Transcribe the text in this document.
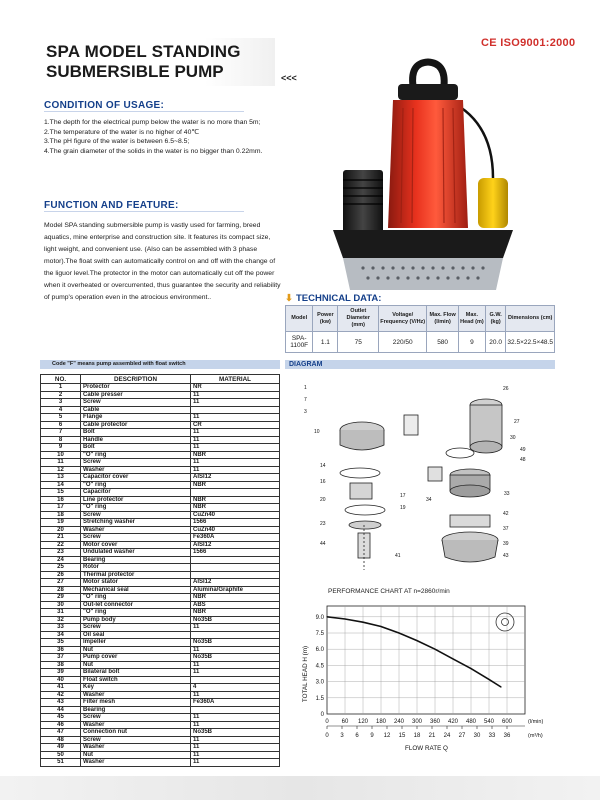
SPA MODEL STANDING
SUBMERSIBLE PUMP	<<<
CE ISO9001:2000
CONDITION OF USAGE:
1.The depth for the electrical pump below the water is no more than 5m;
2.The temperature of the water is no higher of 40℃
3.The pH figure of the water is between 6.5~8.5;
4.The grain diameter of the solids in the water is no bigger than 0.22mm.
FUNCTION AND FEATURE:
Model SPA standing submersible pump is vastly used for farming, breed aquatics, mine enterprise and construction site. It features its compact size, light weight, and convenient use. (Also can be assembled with 3 phase motor).The float swith can automatically control on and off with the change of the liguor level.The protector in the motor can automatically cut off the power when it overheated or overcurrented, thus guarantee the security and reliability of pump's operation even in the atrocious environment..	⬇ TECHNICAL DATA:
Model	Power (kw)	Outlet Diameter (mm)	Voltage/ Frequency (V/Hz)	Max. Flow (l/min)	Max. Head (m)	G.W. (kg)	Dimensions (cm)
SPA-1100F	1.1	75	220/50	580	9	20.0	32.5×22.5×48.5
Code "F" means pump assembled with float switch	DIAGRAM
NO.	DESCRIPTION	MATERIAL
1	Protector	NR
2	Cable presser	11
3	Screw	11
4	Cable	
5	Flange	11
6	Cable protector	CR
7	Bolt	11
8	Handle	11
9	Bolt	11
10	"O" ring	NBR
11	Screw	11
12	Washer	11
13	Capacitor cover	AISI12
14	"O" ring	NBR
15	Capacitor	
16	Line protector	NBR
17	"O" ring	NBR
18	Screw	CuZn40
19	Stretching washer	1566
20	Washer	CuZn40
21	Screw	Fe360A
22	Motor cover	AISI12
23	Undulated washer	1566
24	Bearing	
25	Rotor	
26	Thermal protector	
27	Motor stator	AISI12
28	Mechanical seal	Alumina/Graphite
29	"O" ring	NBR
30	Out-let connector	ABS
31	"O" ring	NBR
32	Pump body	No35B
33	Screw	11
34	Oil seal	
35	Impeller	No35B
36	Nut	11
37	Pump cover	No35B
38	Nut	11
39	Bilateral bolt	11
40	Float switch	
41	Key	4
42	Washer	11
43	Filter mesh	Fe360A
44	Bearing	
45	Screw	11
46	Washer	11
47	Connection nut	No35B
48	Screw	11
49	Washer	11
50	Nut	11
51	Washer	11
1
7
3
10
14
16
20
23
44
17
19
41
26
27
30
49
48
34
33
42
37
39
43
PERFORMANCE CHART AT n=2860r/min
TOTAL HEAD H (m)
0
1.5
3.0
4.5
6.0
7.5
9.0
0 60 120 180 240 300 360 420 480 540 600	(l/min)
0 3 6 9 12 15 18 21 24 27 30 33 36	(m³/h)
FLOW RATE Q
